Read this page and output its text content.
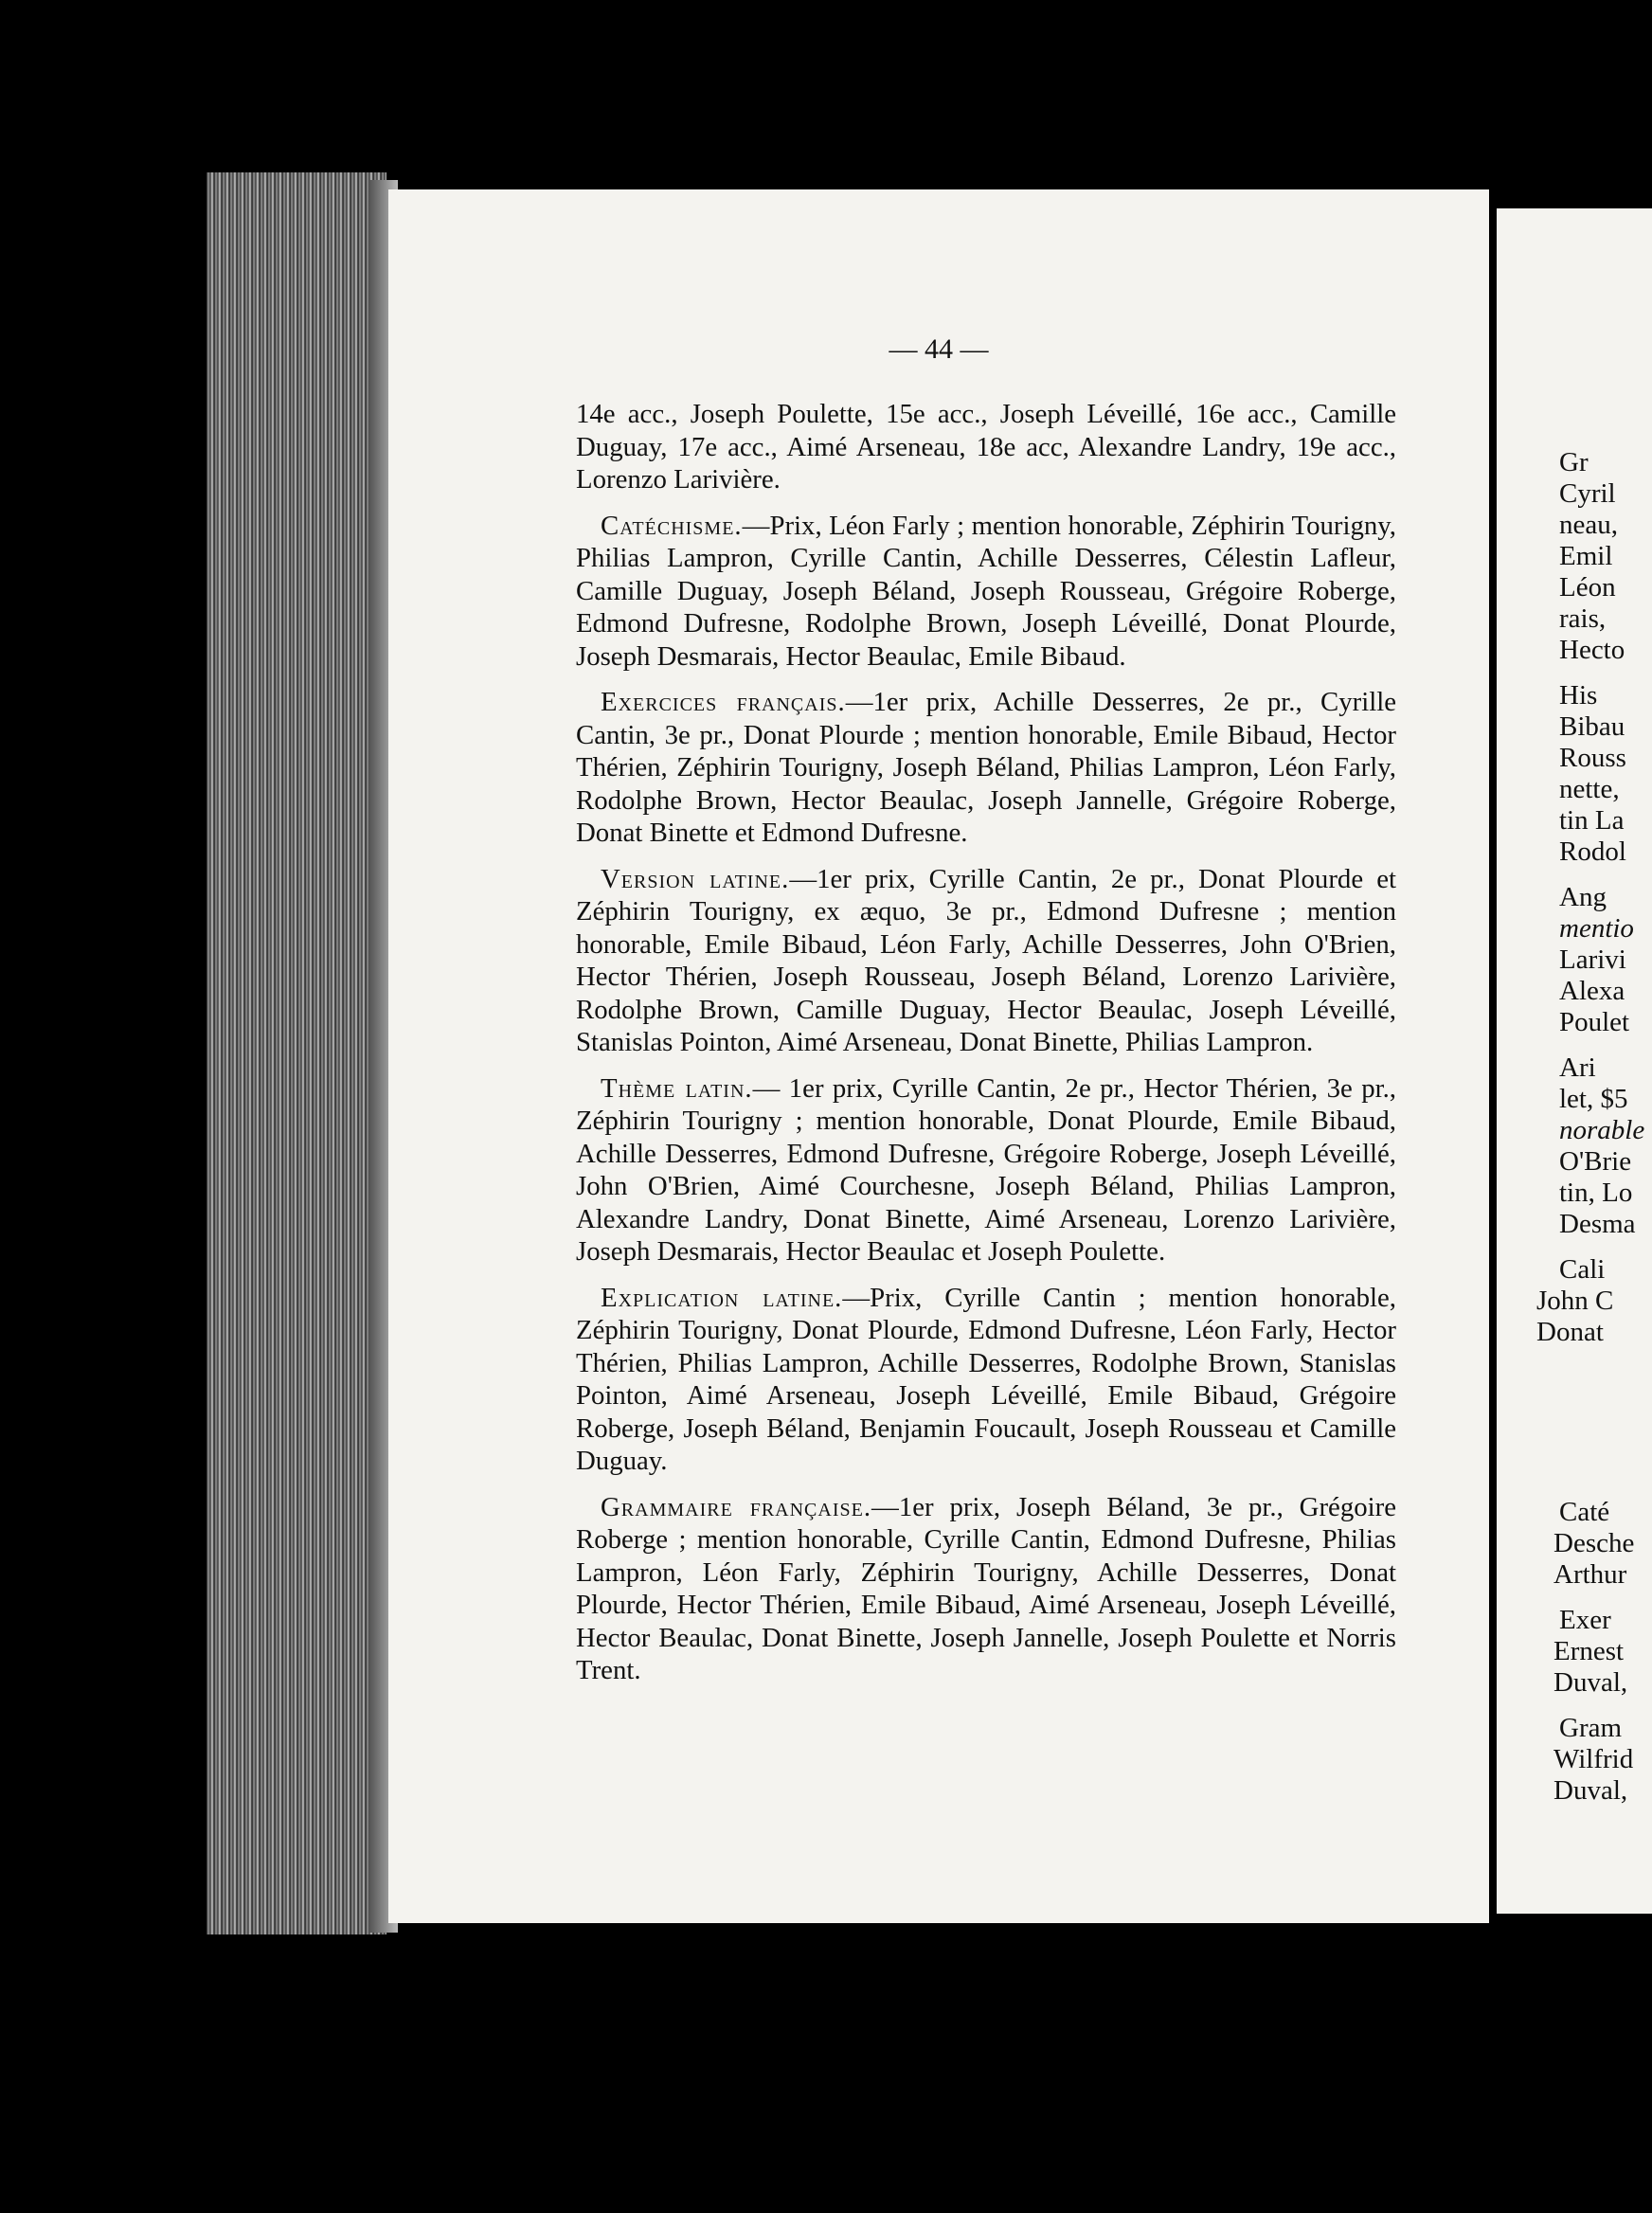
— 44 —

14e acc., Joseph Poulette, 15e acc., Joseph Léveillé, 16e acc., Camille Duguay, 17e acc., Aimé Arseneau, 18e acc, Alexandre Landry, 19e acc., Lorenzo Larivière.

Catéchisme.—Prix, Léon Farly ; mention honorable, Zéphirin Tourigny, Philias Lampron, Cyrille Cantin, Achille Desserres, Célestin Lafleur, Camille Duguay, Joseph Béland, Joseph Rousseau, Grégoire Roberge, Edmond Dufresne, Rodolphe Brown, Joseph Léveillé, Donat Plourde, Joseph Desmarais, Hector Beaulac, Emile Bibaud.

Exercices français.—1er prix, Achille Desserres, 2e pr., Cyrille Cantin, 3e pr., Donat Plourde ; mention honorable, Emile Bibaud, Hector Thérien, Zéphirin Tourigny, Joseph Béland, Philias Lampron, Léon Farly, Rodolphe Brown, Hector Beaulac, Joseph Jannelle, Grégoire Roberge, Donat Binette et Edmond Dufresne.

Version latine.—1er prix, Cyrille Cantin, 2e pr., Donat Plourde et Zéphirin Tourigny, ex æquo, 3e pr., Edmond Dufresne ; mention honorable, Emile Bibaud, Léon Farly, Achille Desserres, John O'Brien, Hector Thérien, Joseph Rousseau, Joseph Béland, Lorenzo Larivière, Rodolphe Brown, Camille Duguay, Hector Beaulac, Joseph Léveillé, Stanislas Pointon, Aimé Arseneau, Donat Binette, Philias Lampron.

Thème latin.— 1er prix, Cyrille Cantin, 2e pr., Hector Thérien, 3e pr., Zéphirin Tourigny ; mention honorable, Donat Plourde, Emile Bibaud, Achille Desserres, Edmond Dufresne, Grégoire Roberge, Joseph Léveillé, John O'Brien, Aimé Courchesne, Joseph Béland, Philias Lampron, Alexandre Landry, Donat Binette, Aimé Arseneau, Lorenzo Larivière, Joseph Desmarais, Hector Beaulac et Joseph Poulette.

Explication latine.—Prix, Cyrille Cantin ; mention honorable, Zéphirin Tourigny, Donat Plourde, Edmond Dufresne, Léon Farly, Hector Thérien, Philias Lampron, Achille Desserres, Rodolphe Brown, Stanislas Pointon, Aimé Arseneau, Joseph Léveillé, Emile Bibaud, Grégoire Roberge, Joseph Béland, Benjamin Foucault, Joseph Rousseau et Camille Duguay.

Grammaire française.—1er prix, Joseph Béland, 3e pr., Grégoire Roberge ; mention honorable, Cyrille Cantin, Edmond Dufresne, Philias Lampron, Léon Farly, Zéphirin Tourigny, Achille Desserres, Donat Plourde, Hector Thérien, Emile Bibaud, Aimé Arseneau, Joseph Léveillé, Hector Beaulac, Donat Binette, Joseph Jannelle, Joseph Poulette et Norris Trent.

Gr
Cyril
neau,
Emil
Léon
rais,
Hecto
His
Bibau
Rouss
nette,
tin La
Rodol
Ang
mentio
Larivi
Alexa
Poulet
Ari
let, $5
norable
O'Brie
tin, Lo
Desma
Cali
John C
Donat
Caté
Desche
Arthur
Exer
Ernest
Duval,
Gram
Wilfrid
Duval,
